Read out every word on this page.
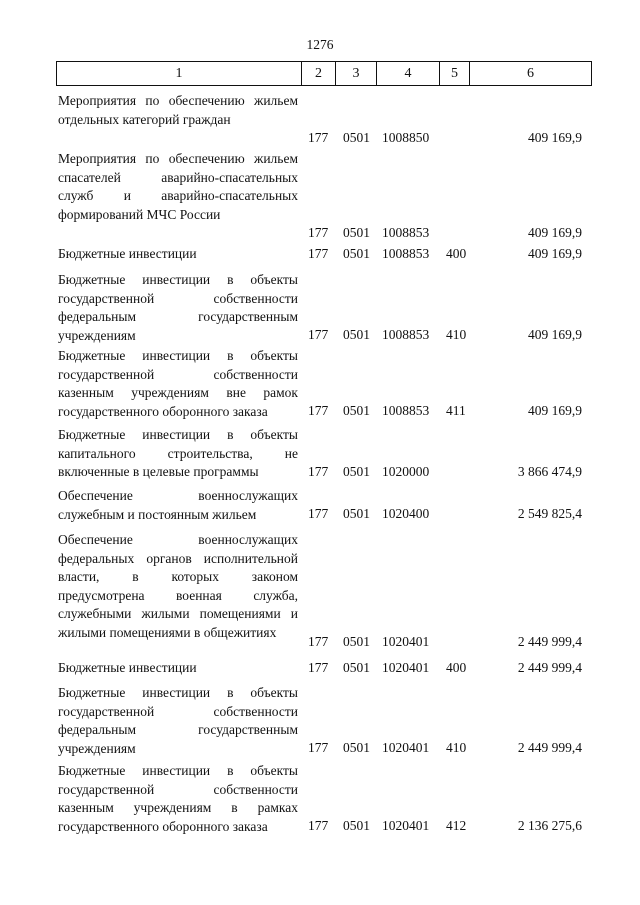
1276
1	2	3	4	5	6
Мероприятия по обеспечению жильем отдельных категорий граждан
177 0501 1008850	409 169,9
Мероприятия по обеспечению жильем спасателей аварийно-спасательных служб и аварийно-спасательных формирований МЧС России
177 0501 1008853	409 169,9
Бюджетные инвестиции	177 0501 1008853 400	409 169,9
Бюджетные инвестиции в объекты государственной собственности федеральным государственным учреждениям	177 0501 1008853 410	409 169,9
Бюджетные инвестиции в объекты государственной собственности казенным учреждениям вне рамок государственного оборонного заказа	177 0501 1008853 411	409 169,9
Бюджетные инвестиции в объекты капитального строительства, не включенные в целевые программы	177 0501 1020000	3 866 474,9
Обеспечение военнослужащих служебным и постоянным жильем	177 0501 1020400	2 549 825,4
Обеспечение военнослужащих федеральных органов исполнительной власти, в которых законом предусмотрена военная служба, служебными жилыми помещениями и жилыми помещениями в общежитиях
177 0501 1020401	2 449 999,4
Бюджетные инвестиции	177 0501 1020401 400	2 449 999,4
Бюджетные инвестиции в объекты государственной собственности федеральным государственным учреждениям	177 0501 1020401 410	2 449 999,4
Бюджетные инвестиции в объекты государственной собственности казенным учреждениям в рамках государственного оборонного заказа	177 0501 1020401 412	2 136 275,6
